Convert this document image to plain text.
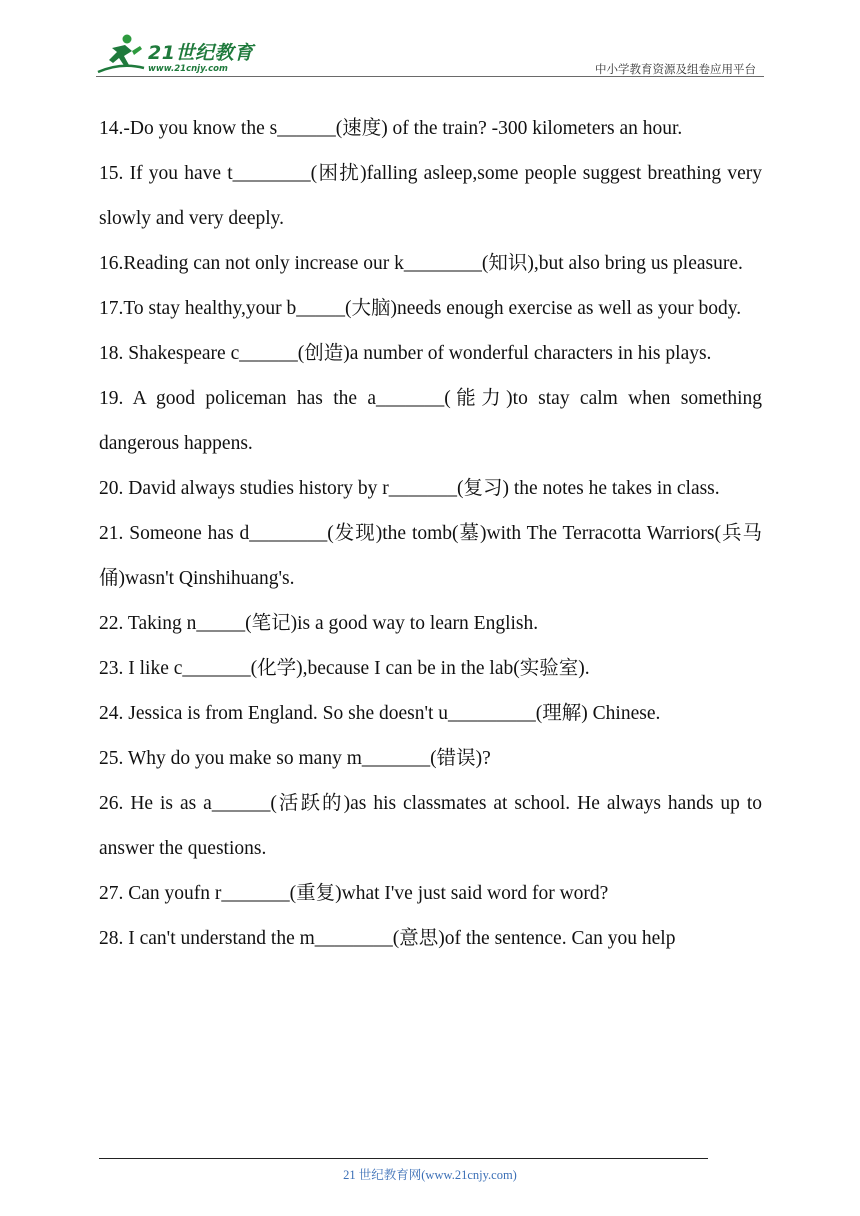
21世纪教育
www.21cnjy.com	中小学教育资源及组卷应用平台

14.-Do you know the s______(速度) of the train? -300 kilometers an hour.

15. If you have t________(困扰)falling asleep,some people suggest breathing very slowly and very deeply.

16.Reading can not only increase our k________(知识),but also bring us pleasure.

17.To stay healthy,your b_____(大脑)needs enough exercise as well as your body.

18. Shakespeare c______(创造)a number of wonderful characters in his plays.

19. A good policeman has the a_______(能力)to stay calm when something dangerous happens.

20. David always studies history by r_______(复习) the notes he takes in class.

21. Someone has d________(发现)the tomb(墓)with The Terracotta Warriors(兵马俑)wasn't Qinshihuang's.

22. Taking n_____(笔记)is a good way to learn English.

23. I like c_______(化学),because I can be in the lab(实验室).

24. Jessica is from England. So she doesn't u_________(理解) Chinese.

25. Why do you make so many m_______(错误)?

26. He is as a______(活跃的)as his classmates at school. He always hands up to answer the questions.

27. Can youfn r_______(重复)what I've just said word for word?

28. I can't understand the m________(意思)of the sentence. Can you help

21 世纪教育网(www.21cnjy.com)
